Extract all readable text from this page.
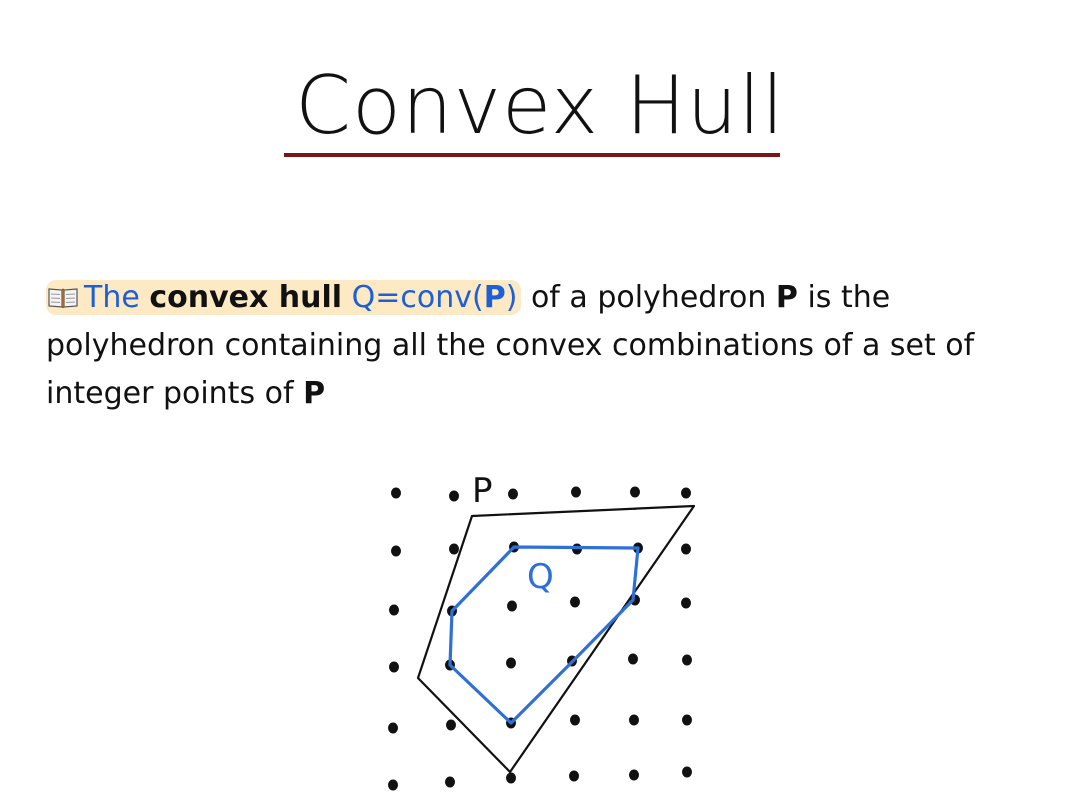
Convex Hull
The convex hull Q=conv(P) of a polyhedron P is the polyhedron containing all the convex combinations of a set of integer points of P
P
Q
